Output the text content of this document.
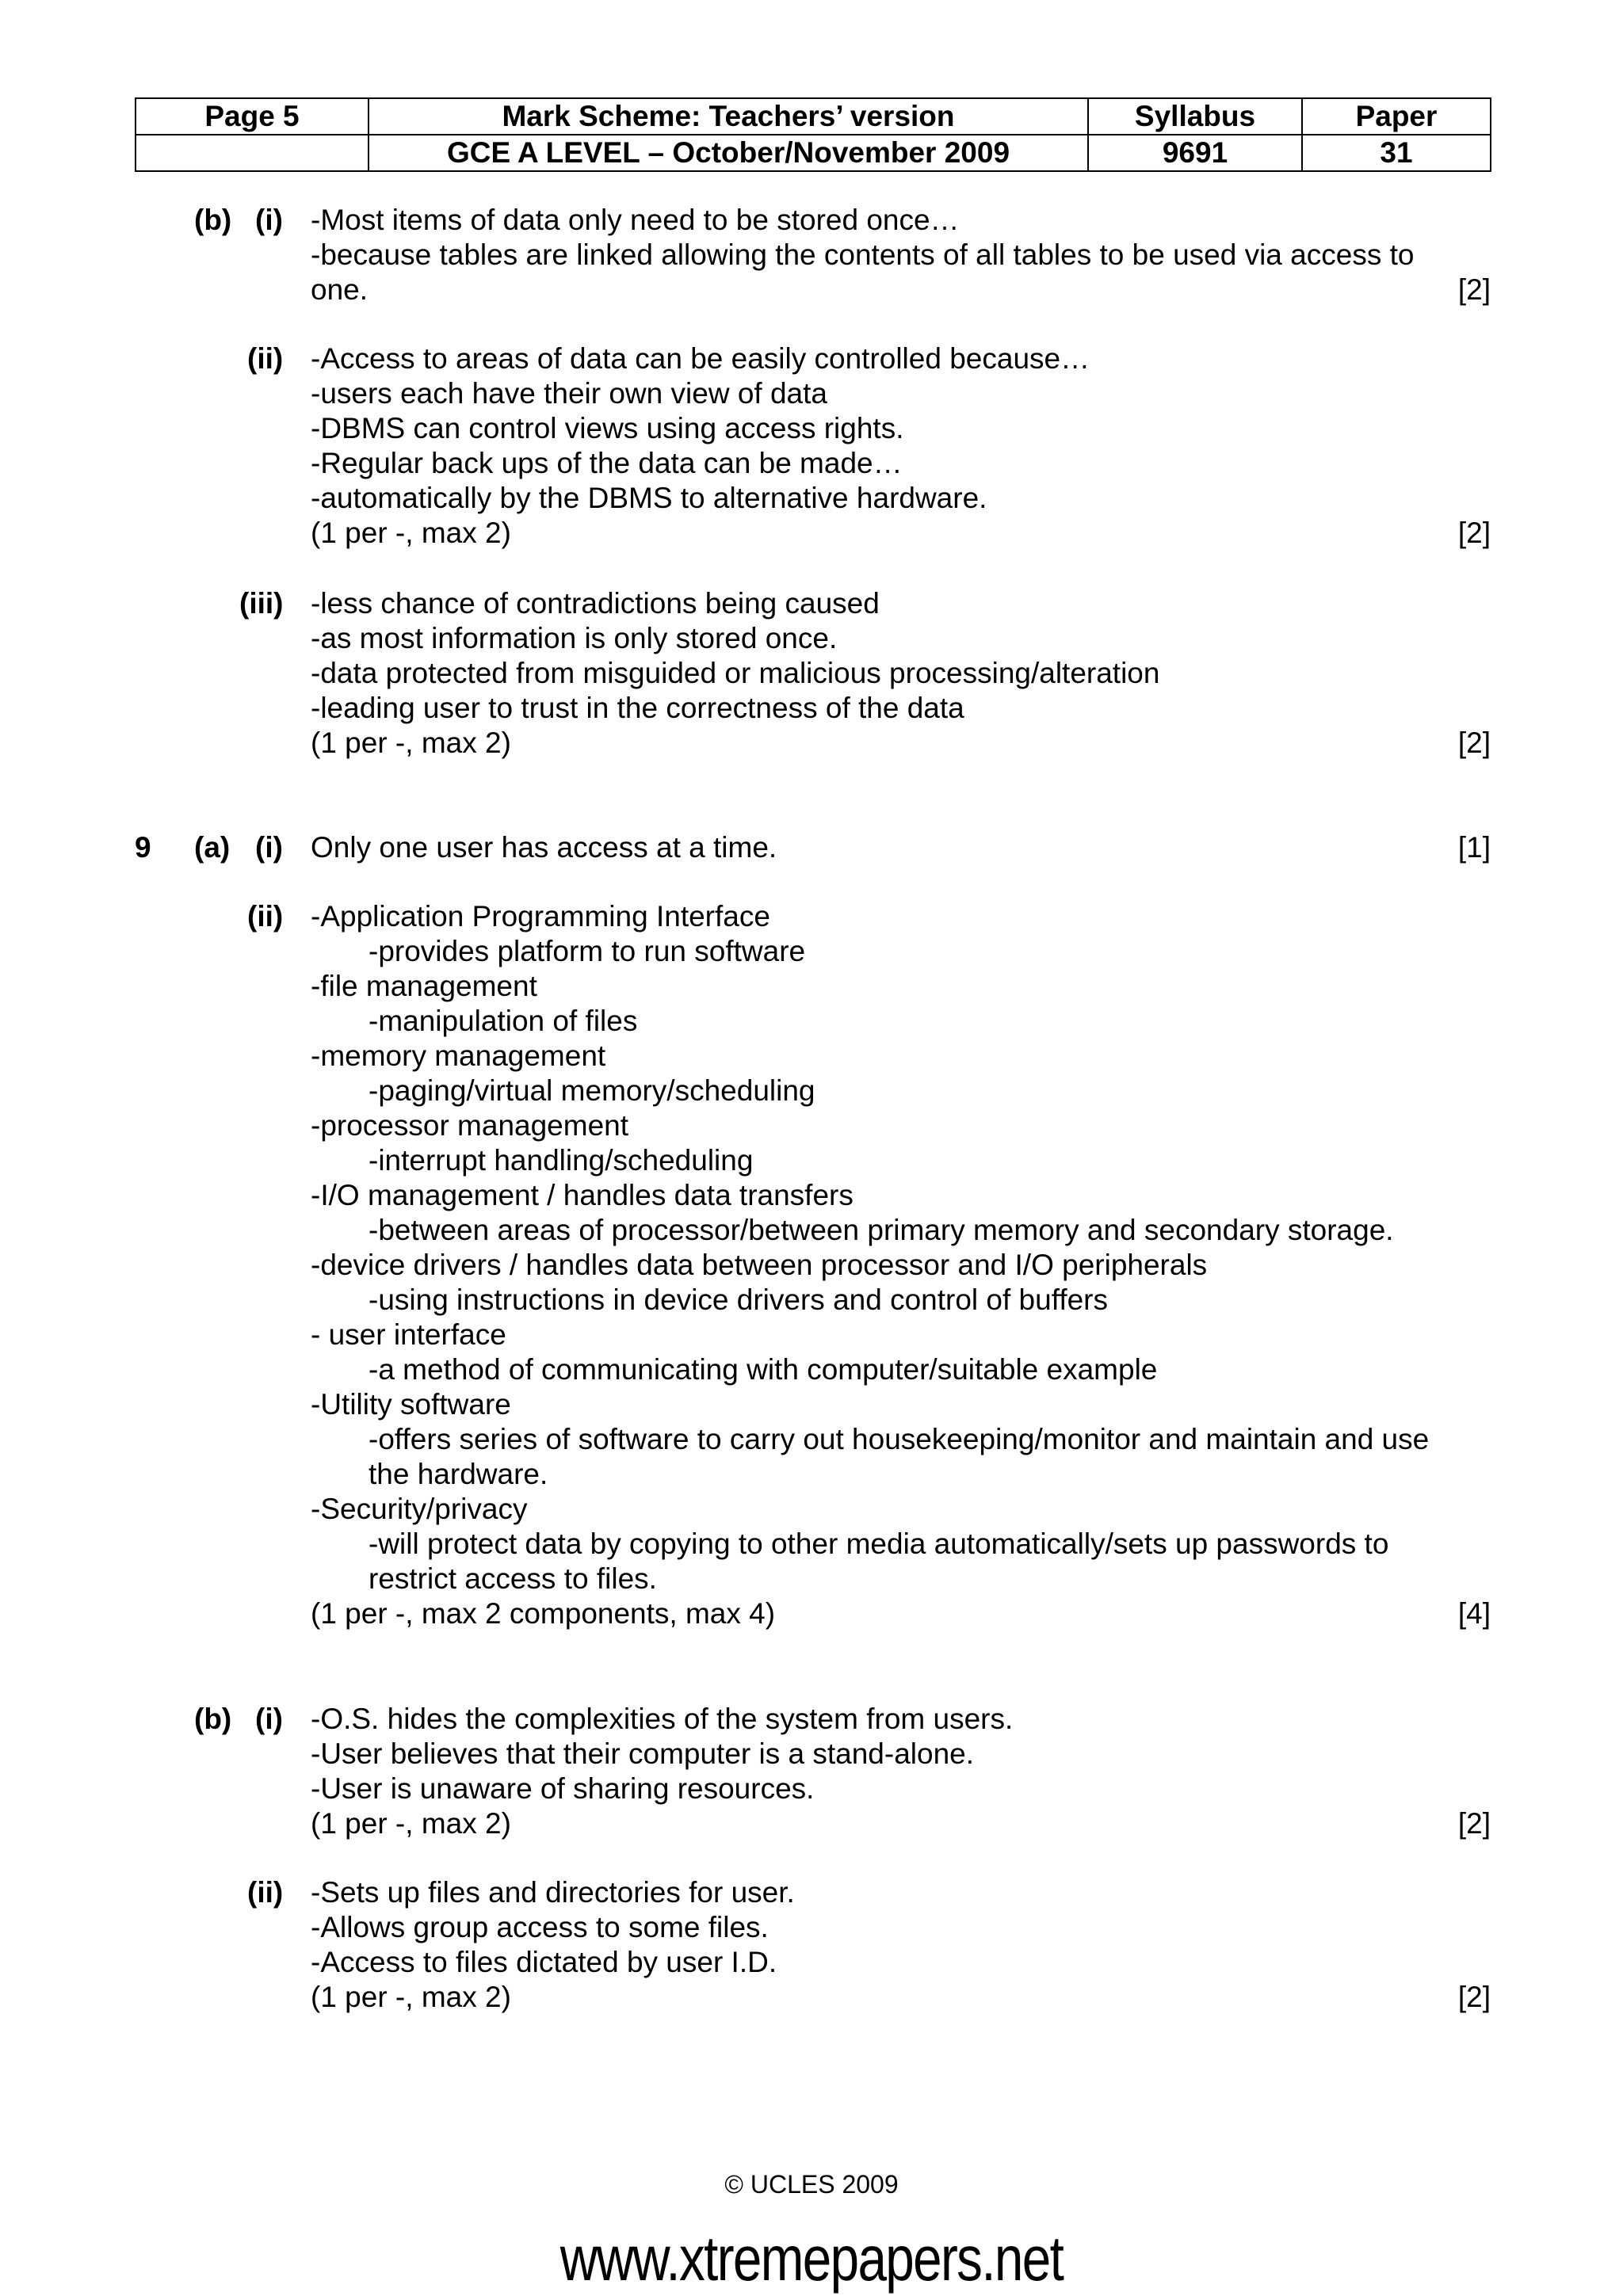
Page 5	Mark Scheme: Teachers’ version	Syllabus	Paper
	GCE A LEVEL – October/November 2009	9691	31
(b) (i) -Most items of data only need to be stored once…
-because tables are linked allowing the contents of all tables to be used via access to
one.	[2]
(ii) -Access to areas of data can be easily controlled because…
-users each have their own view of data
-DBMS can control views using access rights.
-Regular back ups of the data can be made…
-automatically by the DBMS to alternative hardware.
(1 per -, max 2)	[2]
(iii) -less chance of contradictions being caused
-as most information is only stored once.
-data protected from misguided or malicious processing/alteration
-leading user to trust in the correctness of the data
(1 per -, max 2)	[2]
9 (a) (i) Only one user has access at a time.	[1]
(ii) -Application Programming Interface
-provides platform to run software
-file management
-manipulation of files
-memory management
-paging/virtual memory/scheduling
-processor management
-interrupt handling/scheduling
-I/O management / handles data transfers
-between areas of processor/between primary memory and secondary storage.
-device drivers / handles data between processor and I/O peripherals
-using instructions in device drivers and control of buffers
- user interface
-a method of communicating with computer/suitable example
-Utility software
-offers series of software to carry out housekeeping/monitor and maintain and use
the hardware.
-Security/privacy
-will protect data by copying to other media automatically/sets up passwords to
restrict access to files.
(1 per -, max 2 components, max 4)	[4]
(b) (i) -O.S. hides the complexities of the system from users.
-User believes that their computer is a stand-alone.
-User is unaware of sharing resources.
(1 per -, max 2)	[2]
(ii) -Sets up files and directories for user.
-Allows group access to some files.
-Access to files dictated by user I.D.
(1 per -, max 2)	[2]
© UCLES 2009
www.xtremepapers.net
